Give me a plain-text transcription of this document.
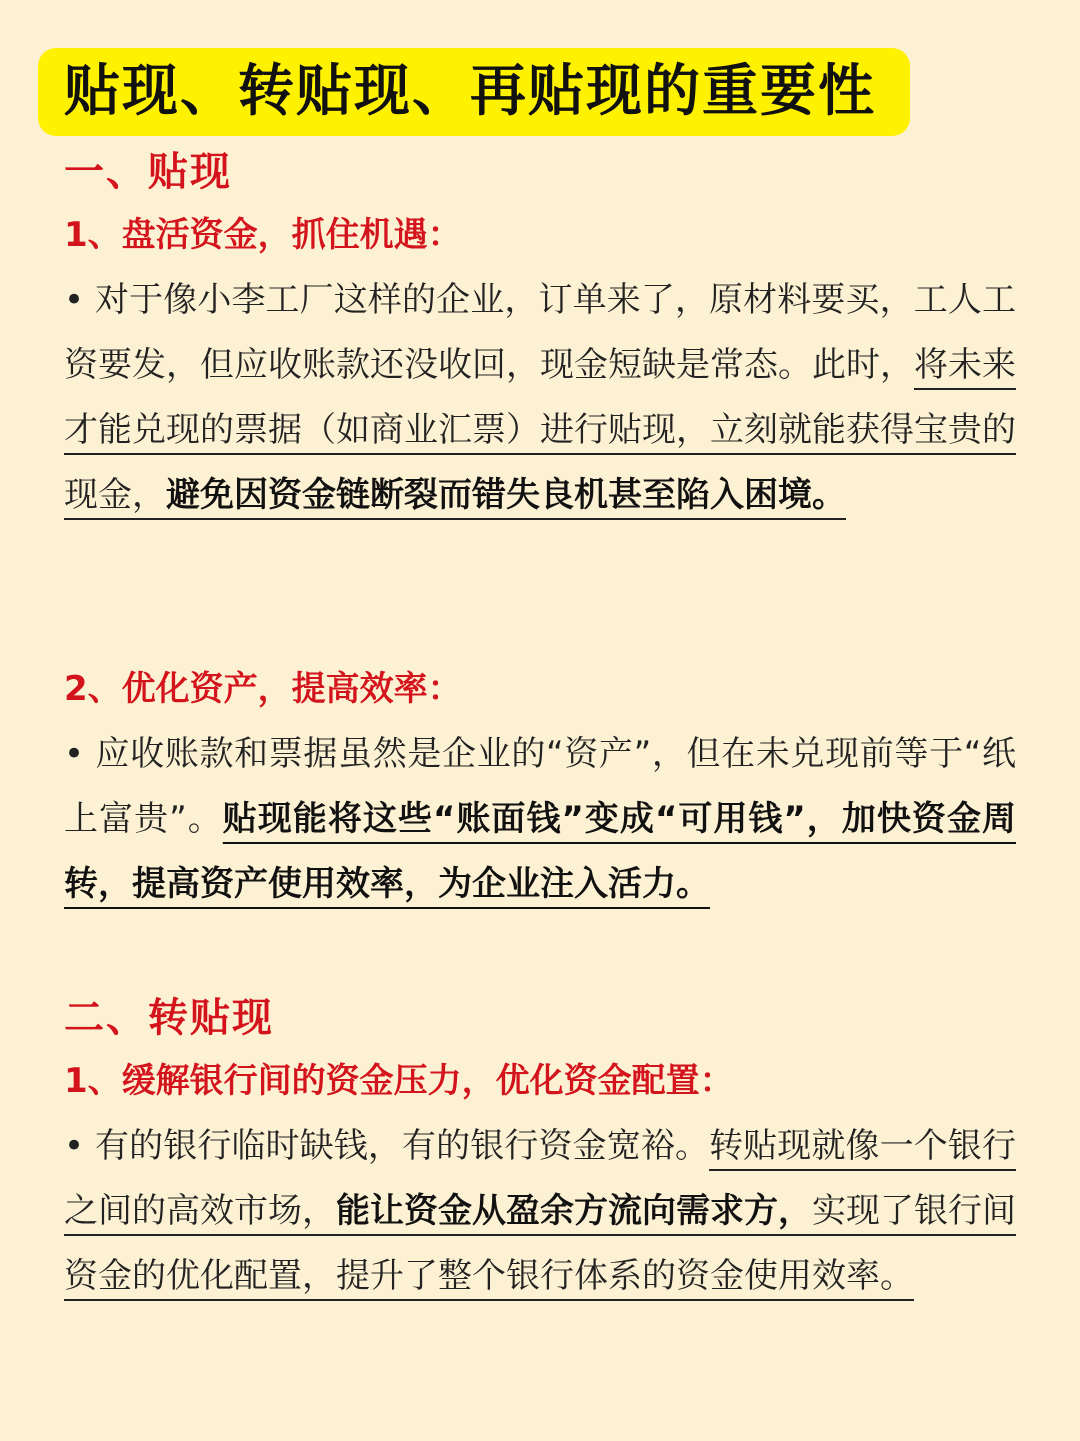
贴现、转贴现、再贴现的重要性
一、贴现
1、盘活资金，抓住机遇：
• 对于像小李工厂这样的企业，订单来了，原材料要买，工人工资要发，但应收账款还没收回，现金短缺是常态。此时，将未来才能兑现的票据（如商业汇票）进行贴现，立刻就能获得宝贵的现金，避免因资金链断裂而错失良机甚至陷入困境。
2、优化资产，提高效率：
• 应收账款和票据虽然是企业的“资产”，但在未兑现前等于“纸上富贵”。贴现能将这些“账面钱”变成“可用钱”，加快资金周转，提高资产使用效率，为企业注入活力。
二、转贴现
1、缓解银行间的资金压力，优化资金配置：
• 有的银行临时缺钱，有的银行资金宽裕。转贴现就像一个银行之间的高效市场，能让资金从盈余方流向需求方，实现了银行间资金的优化配置，提升了整个银行体系的资金使用效率。
